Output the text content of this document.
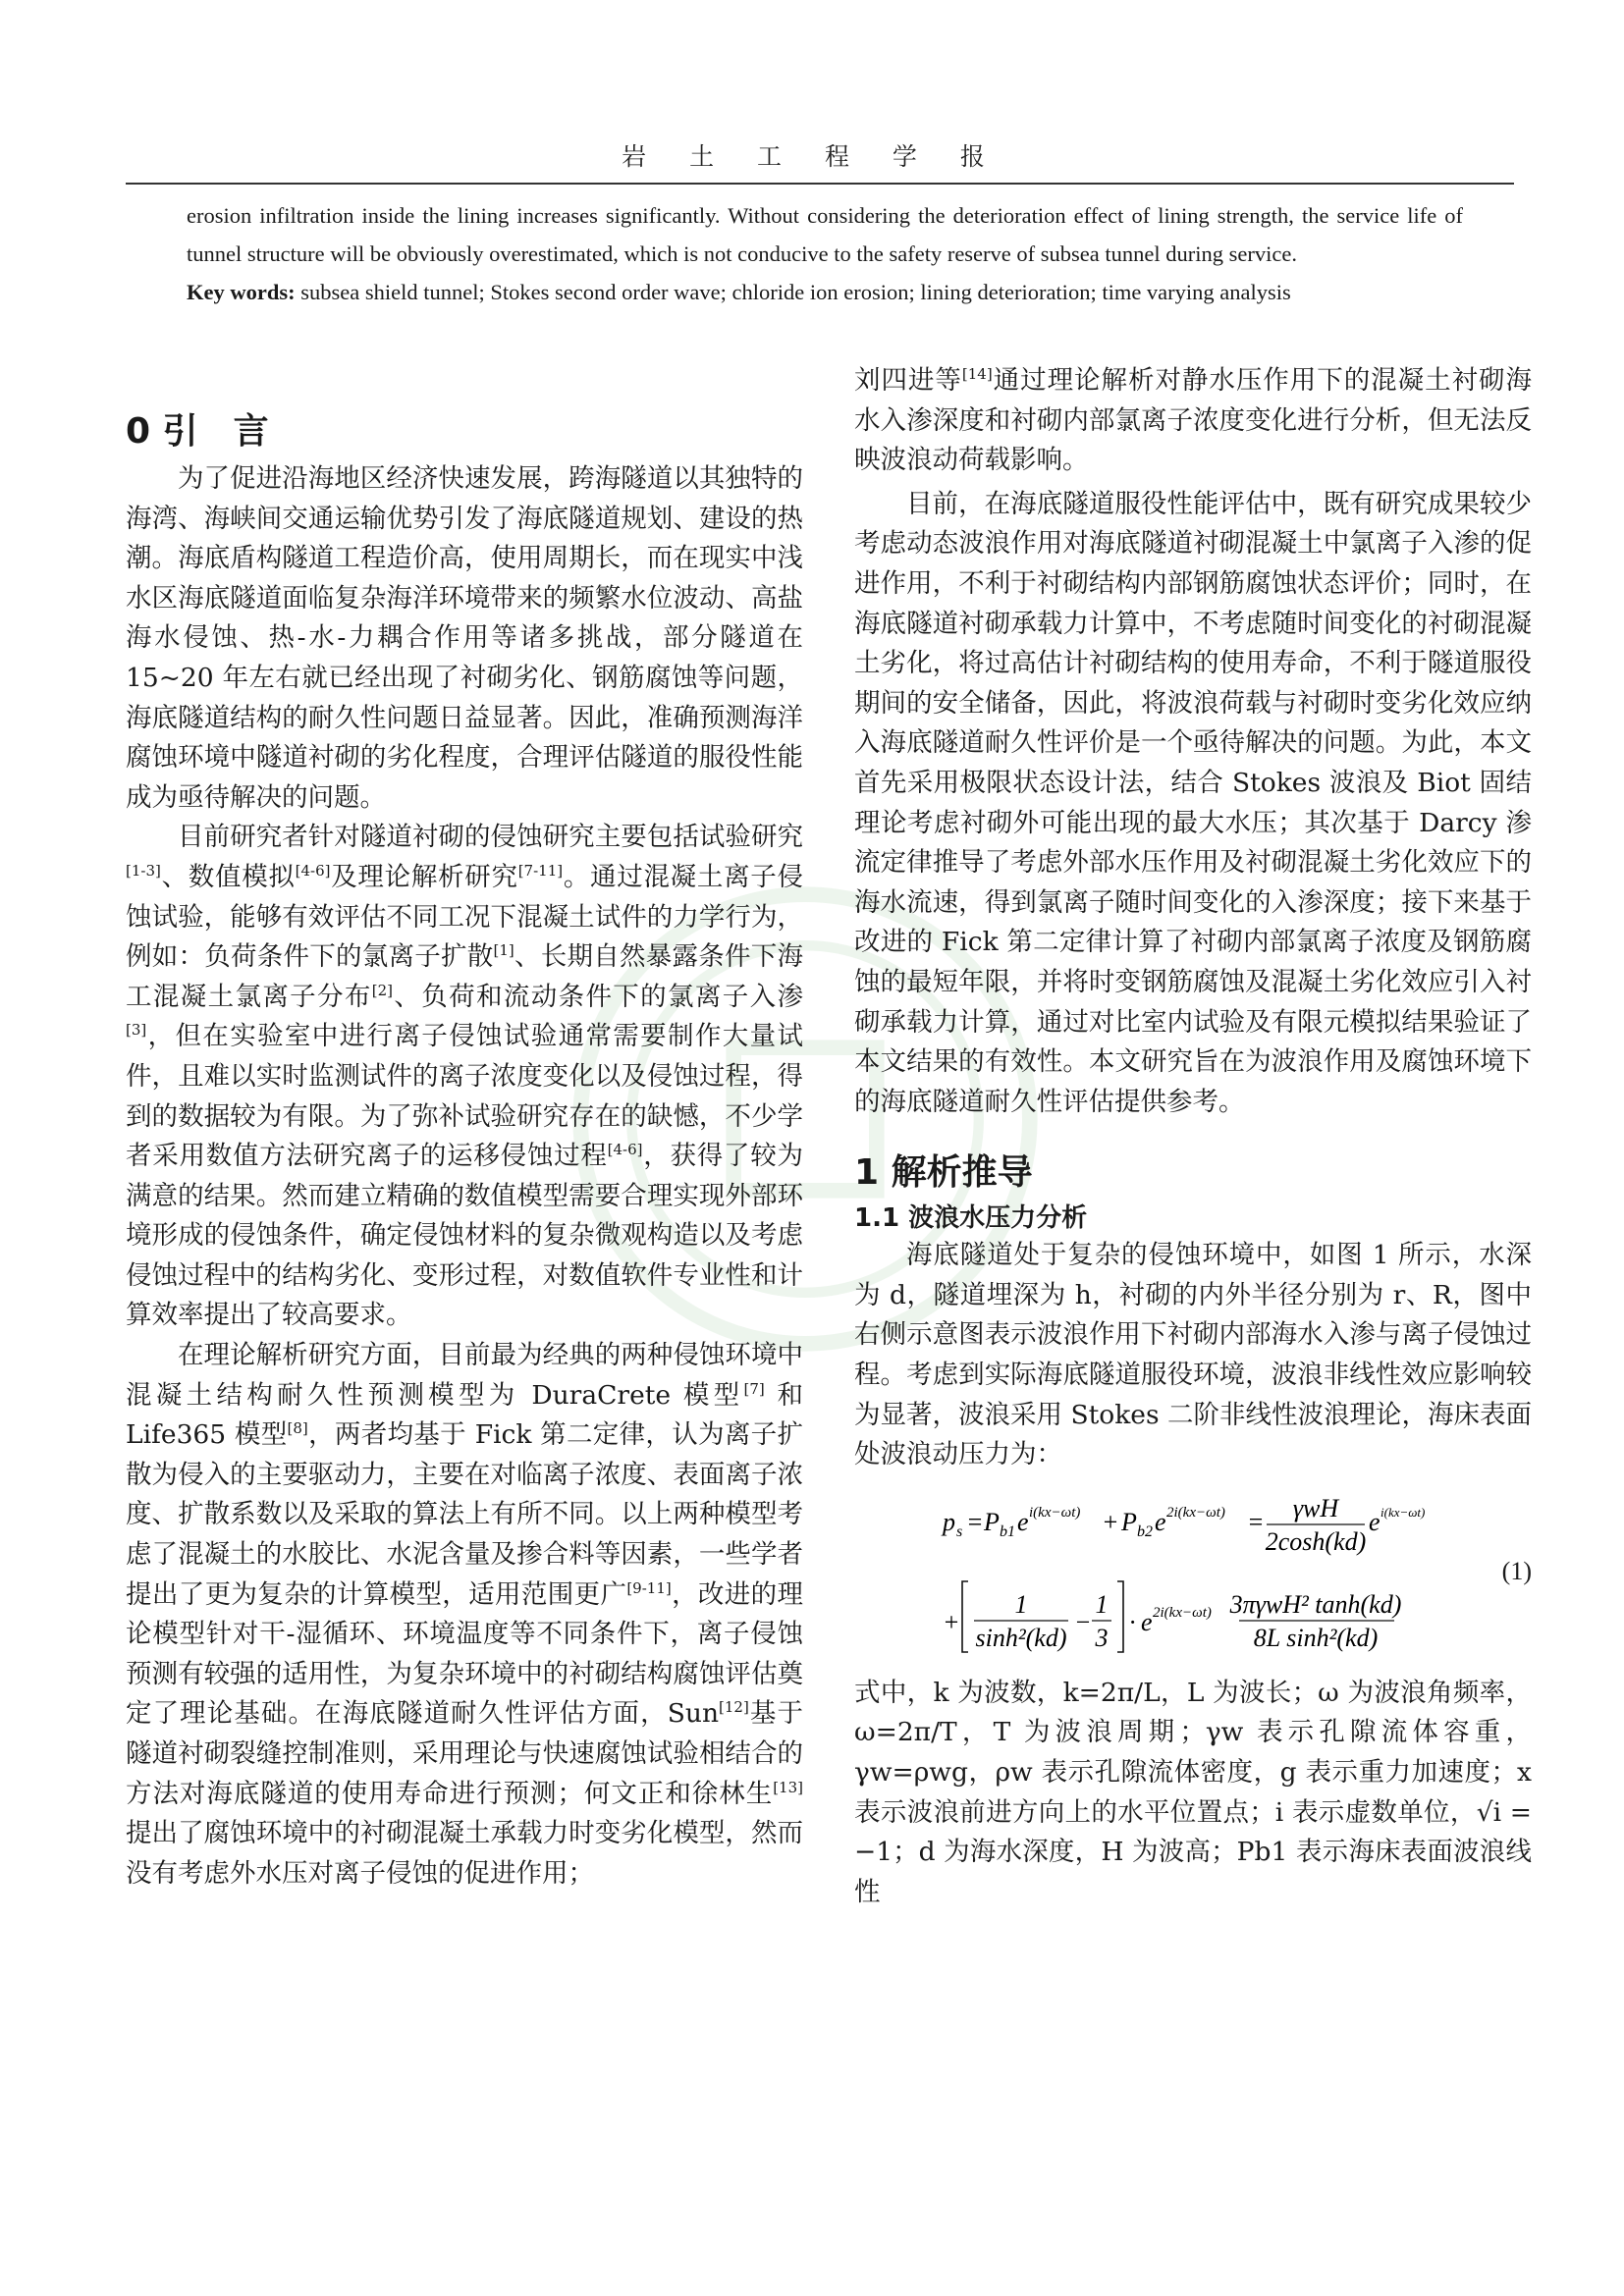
岩 土 工 程 学 报

erosion infiltration inside the lining increases significantly. Without considering the deterioration effect of lining strength, the service life of tunnel structure will be obviously overestimated, which is not conducive to the safety reserve of subsea tunnel during service.

Key words: subsea shield tunnel; Stokes second order wave; chloride ion erosion; lining deterioration; time varying analysis

0 引　言

为了促进沿海地区经济快速发展，跨海隧道以其独特的海湾、海峡间交通运输优势引发了海底隧道规划、建设的热潮。海底盾构隧道工程造价高，使用周期长，而在现实中浅水区海底隧道面临复杂海洋环境带来的频繁水位波动、高盐海水侵蚀、热-水-力耦合作用等诸多挑战，部分隧道在 15~20 年左右就已经出现了衬砌劣化、钢筋腐蚀等问题，海底隧道结构的耐久性问题日益显著。因此，准确预测海洋腐蚀环境中隧道衬砌的劣化程度，合理评估隧道的服役性能成为亟待解决的问题。

目前研究者针对隧道衬砌的侵蚀研究主要包括试验研究[1-3]、数值模拟[4-6]及理论解析研究[7-11]。通过混凝土离子侵蚀试验，能够有效评估不同工况下混凝土试件的力学行为，例如：负荷条件下的氯离子扩散[1]、长期自然暴露条件下海工混凝土氯离子分布[2]、负荷和流动条件下的氯离子入渗[3]，但在实验室中进行离子侵蚀试验通常需要制作大量试件，且难以实时监测试件的离子浓度变化以及侵蚀过程，得到的数据较为有限。为了弥补试验研究存在的缺憾，不少学者采用数值方法研究离子的运移侵蚀过程[4-6]，获得了较为满意的结果。然而建立精确的数值模型需要合理实现外部环境形成的侵蚀条件，确定侵蚀材料的复杂微观构造以及考虑侵蚀过程中的结构劣化、变形过程，对数值软件专业性和计算效率提出了较高要求。

在理论解析研究方面，目前最为经典的两种侵蚀环境中混凝土结构耐久性预测模型为 DuraCrete 模型[7] 和 Life365 模型[8]，两者均基于 Fick 第二定律，认为离子扩散为侵入的主要驱动力，主要在对临离子浓度、表面离子浓度、扩散系数以及采取的算法上有所不同。以上两种模型考虑了混凝土的水胶比、水泥含量及掺合料等因素，一些学者提出了更为复杂的计算模型，适用范围更广[9-11]，改进的理论模型针对干-湿循环、环境温度等不同条件下，离子侵蚀预测有较强的适用性，为复杂环境中的衬砌结构腐蚀评估奠定了理论基础。在海底隧道耐久性评估方面，Sun[12]基于隧道衬砌裂缝控制准则，采用理论与快速腐蚀试验相结合的方法对海底隧道的使用寿命进行预测；何文正和徐林生[13]提出了腐蚀环境中的衬砌混凝土承载力时变劣化模型，然而没有考虑外水压对离子侵蚀的促进作用；

刘四进等[14]通过理论解析对静水压作用下的混凝土衬砌海水入渗深度和衬砌内部氯离子浓度变化进行分析，但无法反映波浪动荷载影响。

目前，在海底隧道服役性能评估中，既有研究成果较少考虑动态波浪作用对海底隧道衬砌混凝土中氯离子入渗的促进作用，不利于衬砌结构内部钢筋腐蚀状态评价；同时，在海底隧道衬砌承载力计算中，不考虑随时间变化的衬砌混凝土劣化，将过高估计衬砌结构的使用寿命，不利于隧道服役期间的安全储备，因此，将波浪荷载与衬砌时变劣化效应纳入海底隧道耐久性评价是一个亟待解决的问题。为此，本文首先采用极限状态设计法，结合 Stokes 波浪及 Biot 固结理论考虑衬砌外可能出现的最大水压；其次基于 Darcy 渗流定律推导了考虑外部水压作用及衬砌混凝土劣化效应下的海水流速，得到氯离子随时间变化的入渗深度；接下来基于改进的 Fick 第二定律计算了衬砌内部氯离子浓度及钢筋腐蚀的最短年限，并将时变钢筋腐蚀及混凝土劣化效应引入衬砌承载力计算，通过对比室内试验及有限元模拟结果验证了本文结果的有效性。本文研究旨在为波浪作用及腐蚀环境下的海底隧道耐久性评估提供参考。

1 解析推导
1.1 波浪水压力分析

海底隧道处于复杂的侵蚀环境中，如图 1 所示，水深为 d，隧道埋深为 h，衬砌的内外半径分别为 r、R，图中右侧示意图表示波浪作用下衬砌内部海水入渗与离子侵蚀过程。考虑到实际海底隧道服役环境，波浪非线性效应影响较为显著，波浪采用 Stokes 二阶非线性波浪理论，海床表面处波浪动压力为：

p s = P b1 e i(kx−ωt) + P b2 e 2i(kx−ωt) = γwH
2cosh(kd)
e i(kx−ωt)
+
1
sinh²(kd)
−
1
3
· e 2i(kx−ωt) 3πγwH² tanh(kd)
8L sinh²(kd)
(1)

式中，k 为波数，k=2π/L，L 为波长；ω 为波浪角频率，ω=2π/T，T 为波浪周期；γw 表示孔隙流体容重，γw=ρwg，ρw 表示孔隙流体密度，g 表示重力加速度；x 表示波浪前进方向上的水平位置点；i 表示虚数单位，√i = −1；d 为海水深度，H 为波高；Pb1 表示海床表面波浪线性
